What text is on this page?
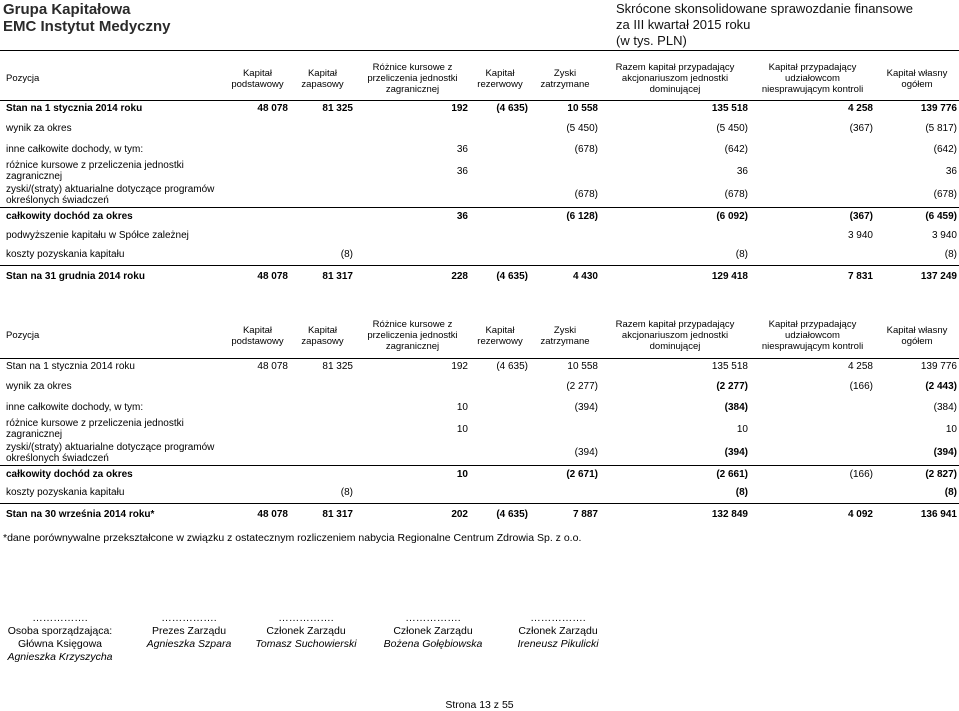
Grupa Kapitałowa
EMC Instytut Medyczny
Skrócone skonsolidowane sprawozdanie finansowe
za III kwartał 2015 roku
(w tys. PLN)
Pozycja	Kapitał podstawowy	Kapitał zapasowy	Różnice kursowe z przeliczenia jednostki zagranicznej	Kapitał rezerwowy	Zyski zatrzymane	Razem kapitał przypadający akcjonariuszom jednostki dominującej	Kapitał przypadający udziałowcom niesprawującym kontroli	Kapitał własny ogółem
Stan na 1 stycznia 2014 roku	48 078	81 325	192	(4 635)	10 558	135 518	4 258	139 776
wynik za okres					(5 450)	(5 450)	(367)	(5 817)
inne całkowite dochody, w tym:			36		(678)	(642)		(642)
różnice kursowe z przeliczenia jednostki zagranicznej			36			36		36
zyski/(straty) aktuarialne dotyczące programów określonych świadczeń					(678)	(678)		(678)
całkowity dochód za okres			36		(6 128)	(6 092)	(367)	(6 459)
podwyższenie kapitału w Spółce zależnej							3 940	3 940
koszty pozyskania kapitału		(8)				(8)		(8)
Stan na 31 grudnia 2014 roku	48 078	81 317	228	(4 635)	4 430	129 418	7 831	137 249
Pozycja	Kapitał podstawowy	Kapitał zapasowy	Różnice kursowe z przeliczenia jednostki zagranicznej	Kapitał rezerwowy	Zyski zatrzymane	Razem kapitał przypadający akcjonariuszom jednostki dominującej	Kapitał przypadający udziałowcom niesprawującym kontroli	Kapitał własny ogółem
Stan na 1 stycznia 2014 roku	48 078	81 325	192	(4 635)	10 558	135 518	4 258	139 776
wynik za okres					(2 277)	(2 277)	(166)	(2 443)
inne całkowite dochody, w tym:			10		(394)	(384)		(384)
różnice kursowe z przeliczenia jednostki zagranicznej			10			10		10
zyski/(straty) aktuarialne dotyczące programów określonych świadczeń					(394)	(394)		(394)
całkowity dochód za okres			10		(2 671)	(2 661)	(166)	(2 827)
koszty pozyskania kapitału		(8)				(8)		(8)
Stan na 30 września 2014 roku*	48 078	81 317	202	(4 635)	7 887	132 849	4 092	136 941
*dane porównywalne przekształcone w związku z ostatecznym rozliczeniem nabycia Regionalne Centrum Zdrowia Sp. z o.o.
…………….
Osoba sporządzająca:
Główna Księgowa
Agnieszka Krzyszycha
…………….
Prezes Zarządu
Agnieszka Szpara
…………….
Członek Zarządu
Tomasz Suchowierski
…………….
Członek Zarządu
Bożena Gołębiowska
…………….
Członek Zarządu
Ireneusz Pikulicki
Strona 13 z 55
